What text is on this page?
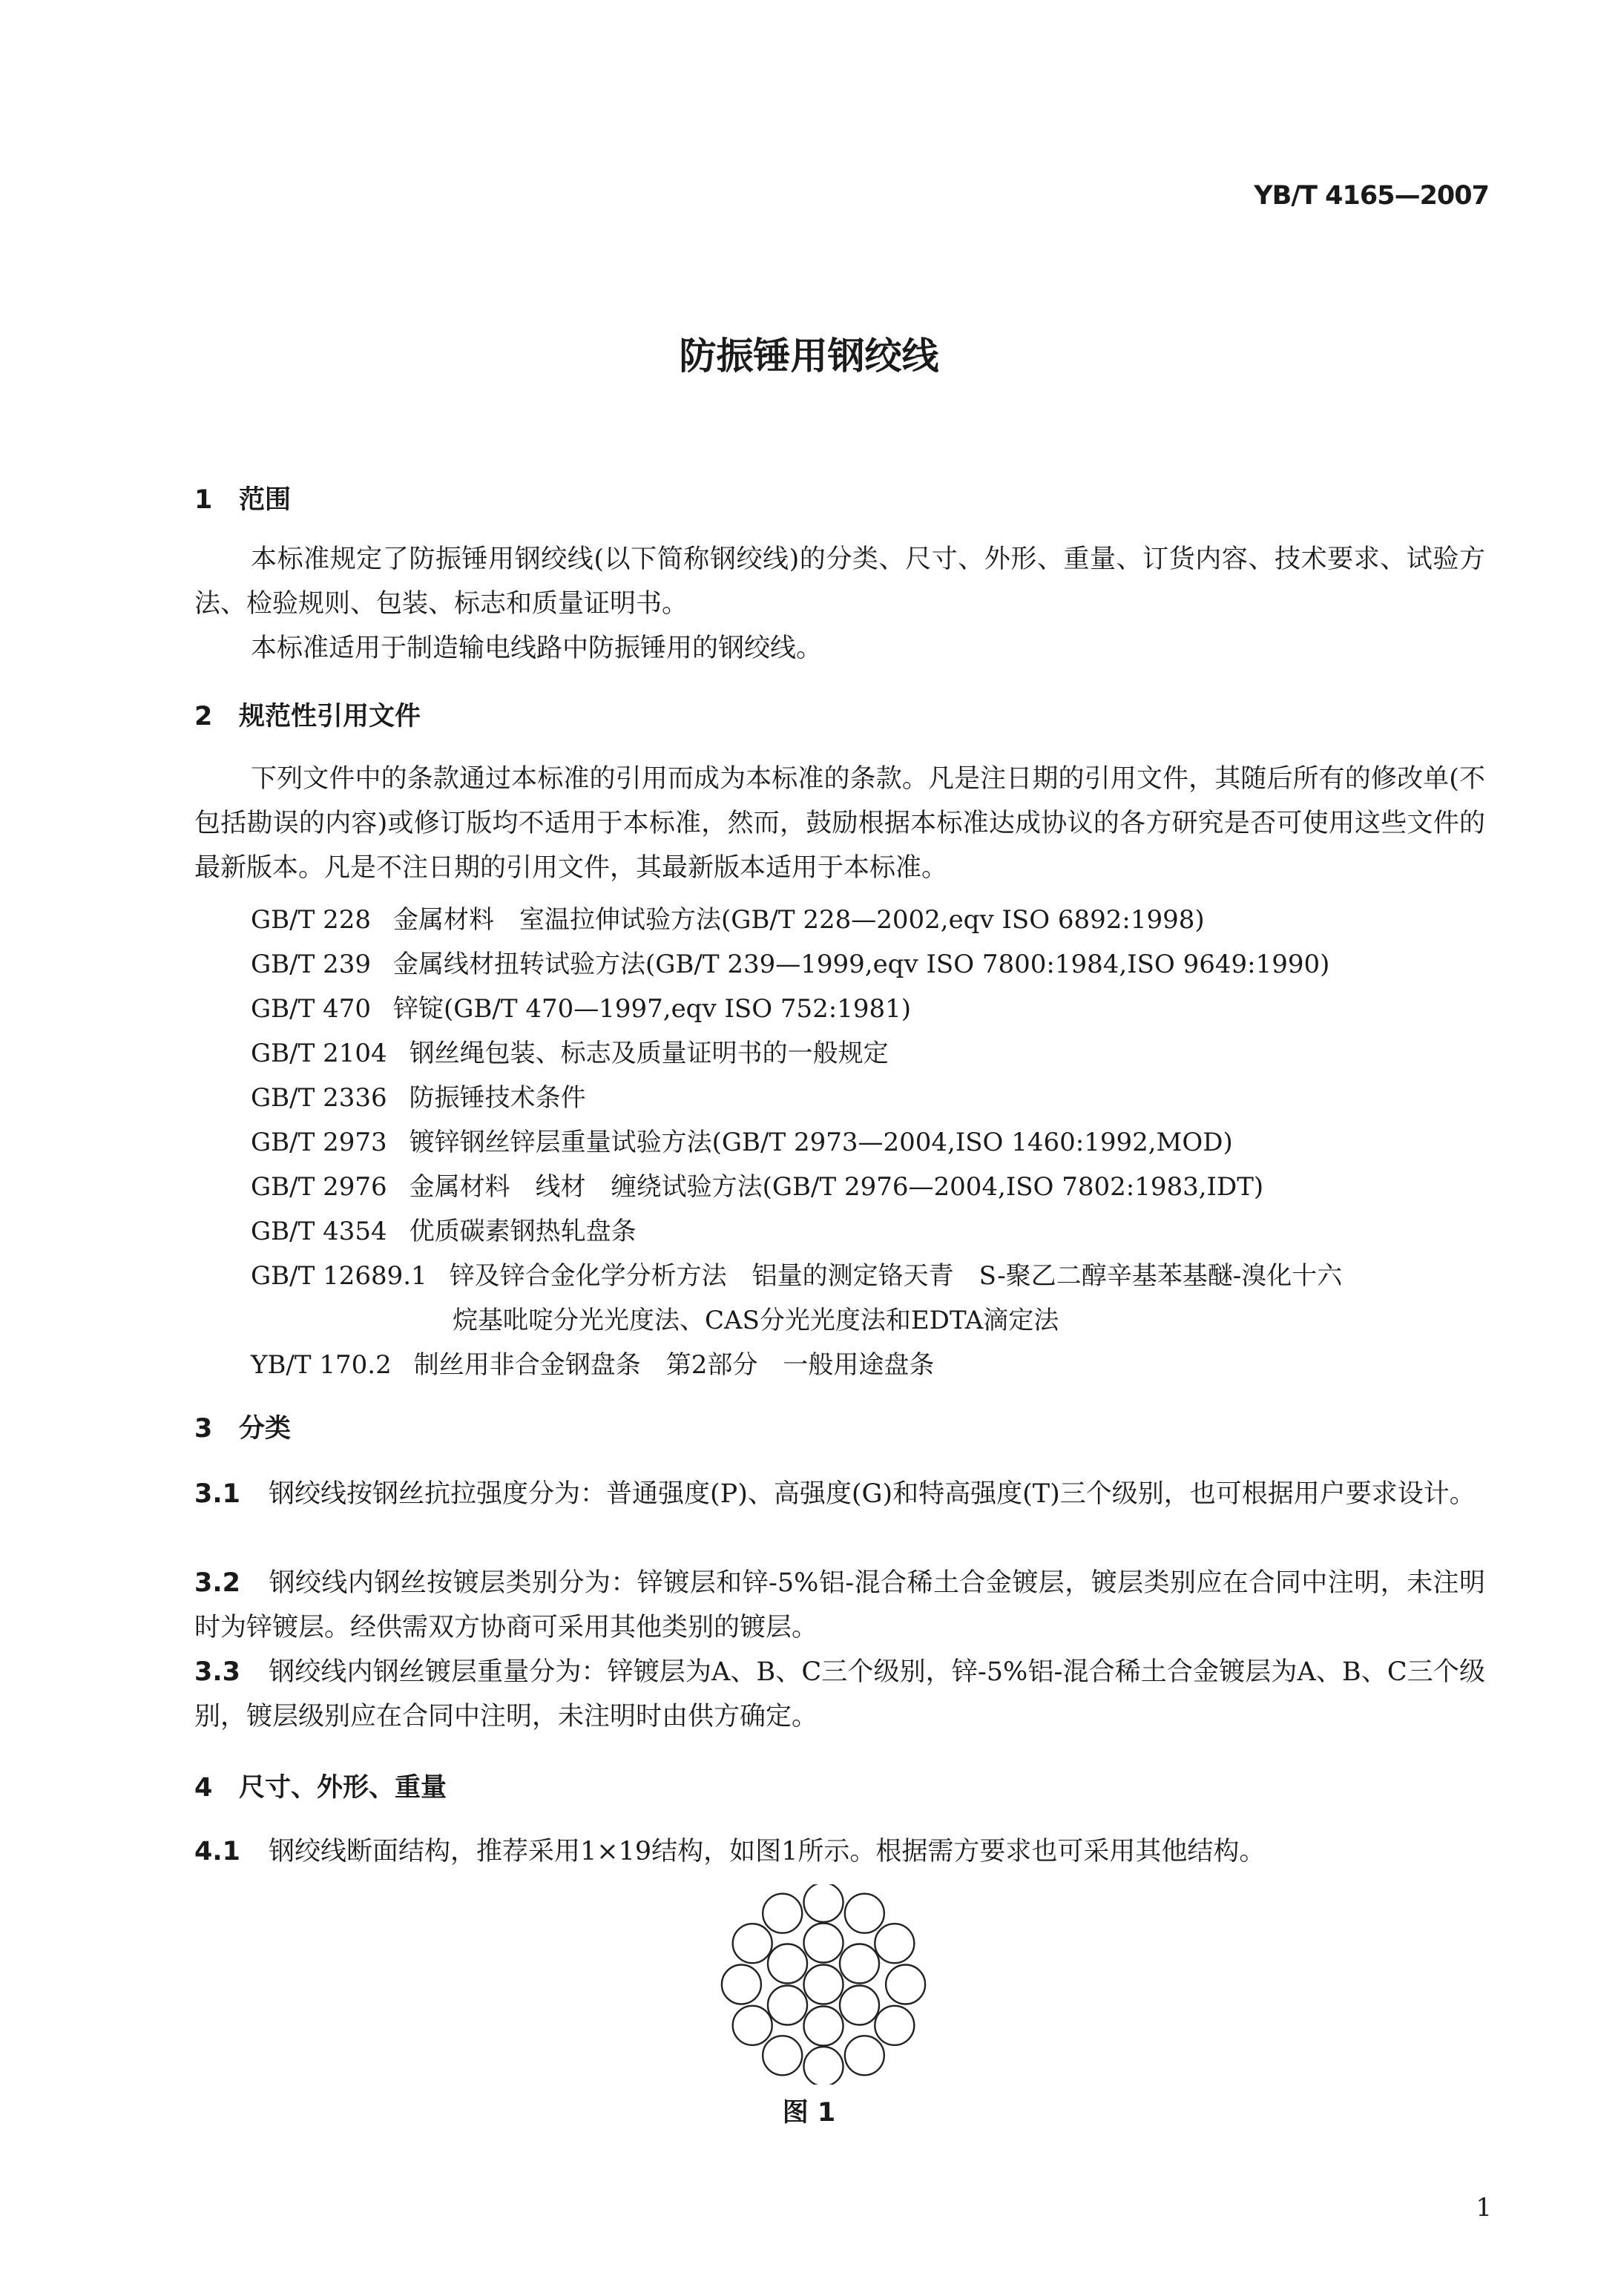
YB/T 4165—2007
防振锤用钢绞线
1 范围
本标准规定了防振锤用钢绞线(以下简称钢绞线)的分类、尺寸、外形、重量、订货内容、技术要求、试验方法、检验规则、包装、标志和质量证明书。
本标准适用于制造输电线路中防振锤用的钢绞线。
2 规范性引用文件
下列文件中的条款通过本标准的引用而成为本标准的条款。凡是注日期的引用文件，其随后所有的修改单(不包括勘误的内容)或修订版均不适用于本标准，然而，鼓励根据本标准达成协议的各方研究是否可使用这些文件的最新版本。凡是不注日期的引用文件，其最新版本适用于本标准。
GB/T 228 金属材料　室温拉伸试验方法(GB/T 228—2002,eqv ISO 6892:1998)
GB/T 239 金属线材扭转试验方法(GB/T 239—1999,eqv ISO 7800:1984,ISO 9649:1990)
GB/T 470 锌锭(GB/T 470—1997,eqv ISO 752:1981)
GB/T 2104 钢丝绳包装、标志及质量证明书的一般规定
GB/T 2336 防振锤技术条件
GB/T 2973 镀锌钢丝锌层重量试验方法(GB/T 2973—2004,ISO 1460:1992,MOD)
GB/T 2976 金属材料　线材　缠绕试验方法(GB/T 2976—2004,ISO 7802:1983,IDT)
GB/T 4354 优质碳素钢热轧盘条
GB/T 12689.1 锌及锌合金化学分析方法　铝量的测定铬天青　S-聚乙二醇辛基苯基醚-溴化十六
烷基吡啶分光光度法、CAS分光光度法和EDTA滴定法
YB/T 170.2 制丝用非合金钢盘条　第2部分　一般用途盘条
3 分类
3.1 钢绞线按钢丝抗拉强度分为：普通强度(P)、高强度(G)和特高强度(T)三个级别，也可根据用户要求设计。
3.2 钢绞线内钢丝按镀层类别分为：锌镀层和锌-5%铝-混合稀土合金镀层，镀层类别应在合同中注明，未注明时为锌镀层。经供需双方协商可采用其他类别的镀层。
3.3 钢绞线内钢丝镀层重量分为：锌镀层为A、B、C三个级别，锌-5%铝-混合稀土合金镀层为A、B、C三个级别，镀层级别应在合同中注明，未注明时由供方确定。
4 尺寸、外形、重量
4.1 钢绞线断面结构，推荐采用1×19结构，如图1所示。根据需方要求也可采用其他结构。
图 1
1
